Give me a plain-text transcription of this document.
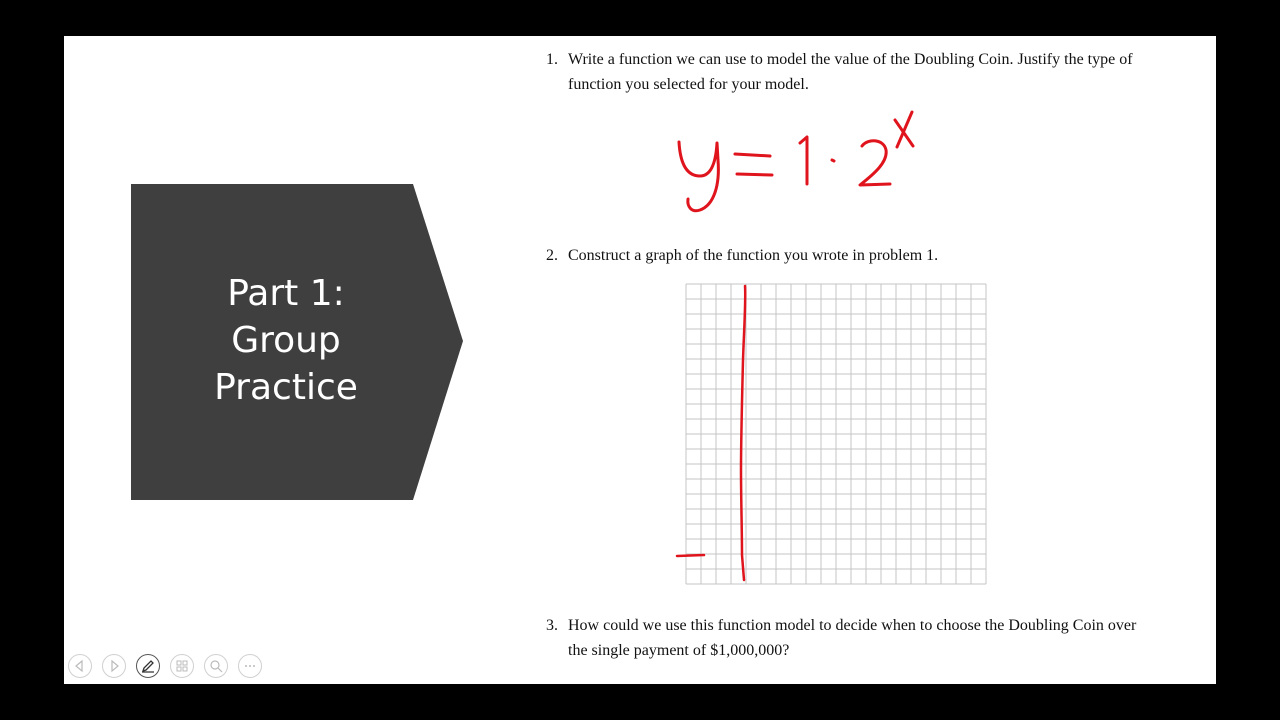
Part 1:
Group
Practice
1. Write a function we can use to model the value of the Doubling Coin. Justify the type of function you selected for your model.
2. Construct a graph of the function you wrote in problem 1.
3. How could we use this function model to decide when to choose the Doubling Coin over the single payment of $1,000,000?
